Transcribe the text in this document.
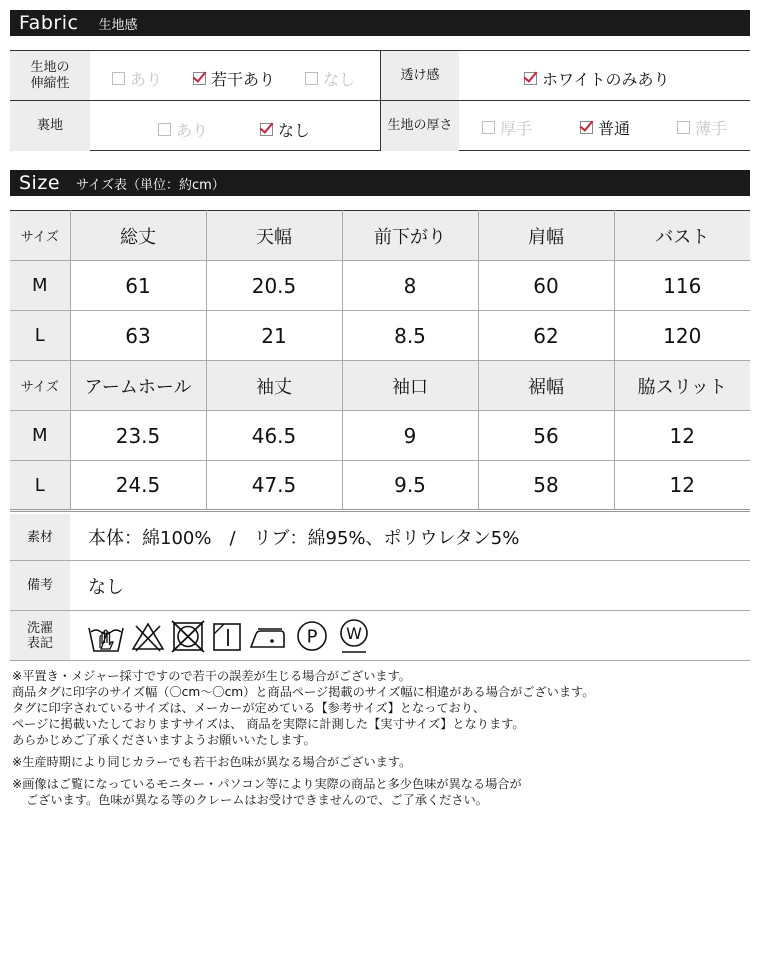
Fabric 生地感
生地の
伸縮性	あり	若干あり	なし	透け感	ホワイトのみあり
裏地	あり	なし	生地の厚さ	厚手	普通	薄手
Size サイズ表（単位：約cm）
サイズ	総丈	天幅	前下がり	肩幅	バスト
M	61	20.5	8	60	116
L	63	21	8.5	62	120
サイズ	アームホール	袖丈	袖口	裾幅	脇スリット
M	23.5	46.5	9	56	12
L	24.5	47.5	9.5	58	12
素材	本体：綿100%　/　リブ：綿95%、ポリウレタン5%
備考	なし
洗濯
表記	P W

※平置き・メジャー採寸ですので若干の誤差が生じる場合がございます。

商品タグに印字のサイズ幅（〇cm～〇cm）と商品ページ掲載のサイズ幅に相違がある場合がございます。

タグに印字されているサイズは、メーカーが定めている【参考サイズ】となっており、

ページに掲載いたしておりますサイズは、 商品を実際に計測した【実寸サイズ】となります。

あらかじめご了承くださいますようお願いいたします。

※生産時期により同じカラーでも若干お色味が異なる場合がございます。

※画像はご覧になっているモニター・パソコン等により実際の商品と多少色味が異なる場合が

ございます。色味が異なる等のクレームはお受けできませんので、ご了承ください。
